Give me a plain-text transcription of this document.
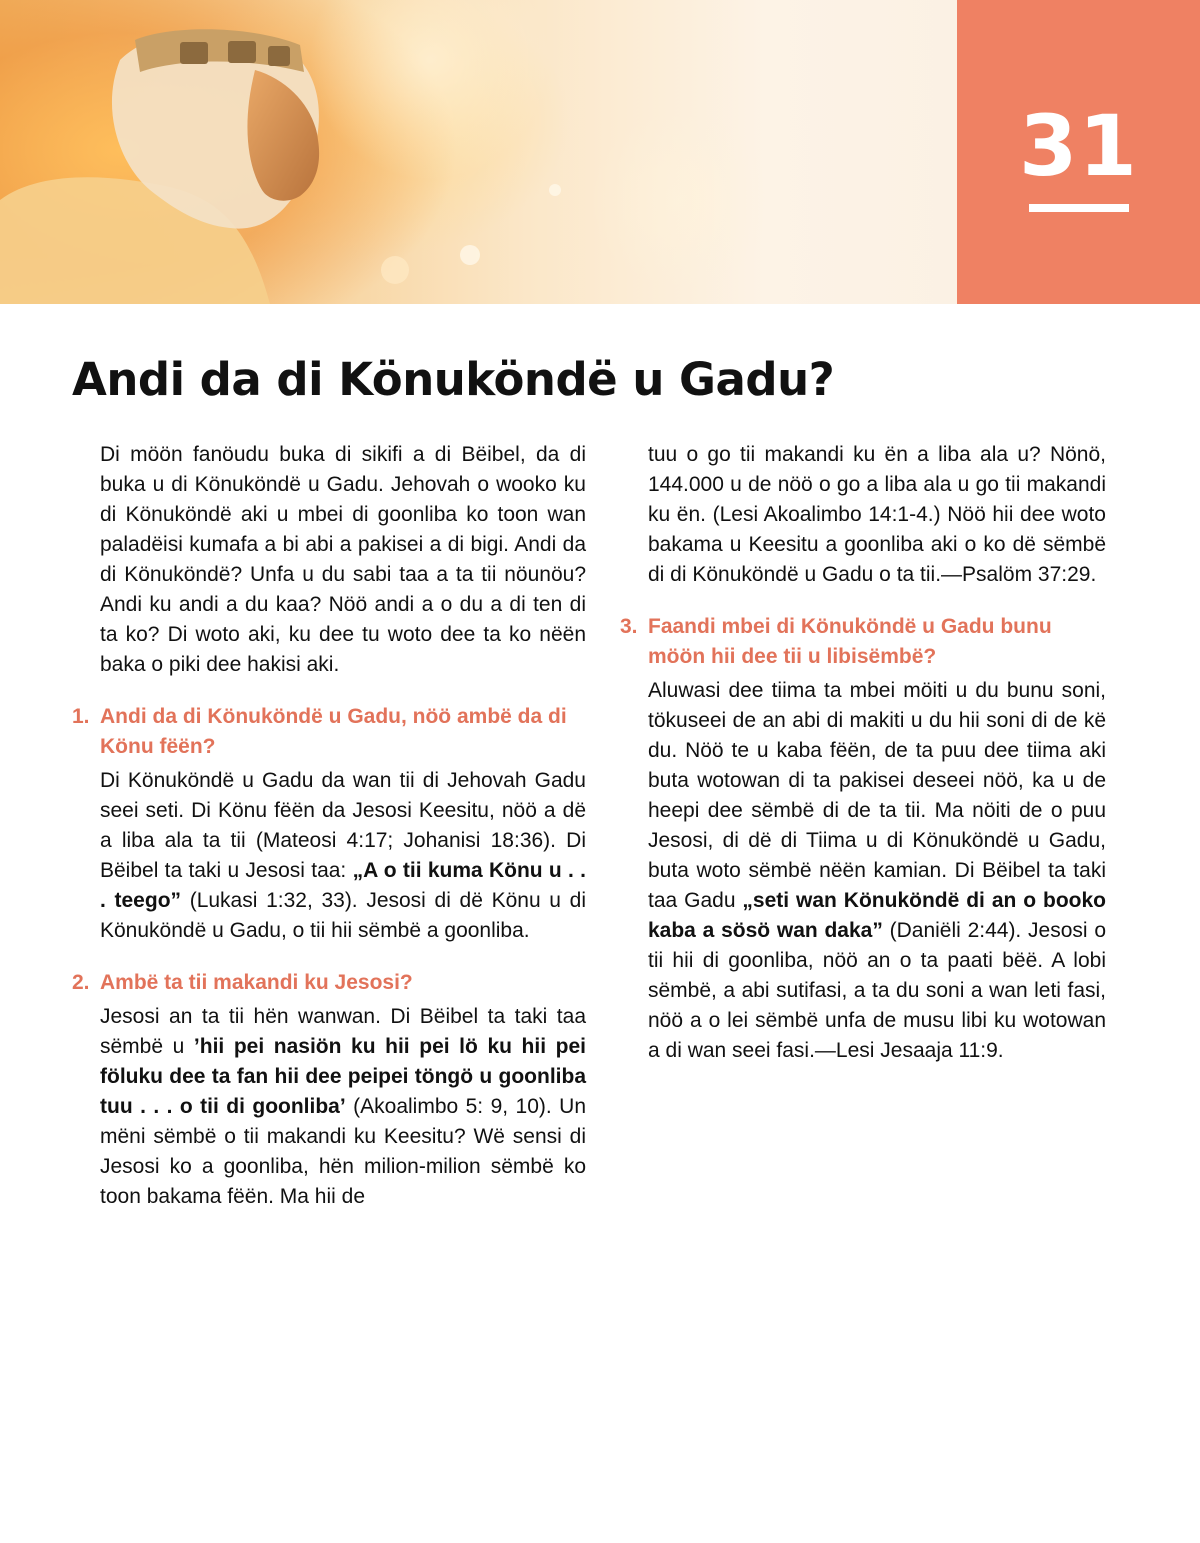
31
Andi da di Könuköndë u Gadu?

Di möön fanöudu buka di sikifi a di Bëibel, da di buka u di Könuköndë u Gadu. Jehovah o wooko ku di Könuköndë aki u mbei di goonliba ko toon wan paladëisi kumafa a bi abi a pakisei a di bigi. Andi da di Könuköndë? Unfa u du sabi taa a ta tii nöunöu? Andi ku andi a du kaa? Nöö andi a o du a di ten di ta ko? Di woto aki, ku dee tu woto dee ta ko nëën baka o piki dee hakisi aki.

1. Andi da di Könuköndë u Gadu, nöö ambë da di Könu fëën?

Di Könuköndë u Gadu da wan tii di Jehovah Gadu seei seti. Di Könu fëën da Jesosi Keesitu, nöö a dë a liba ala ta tii (Mateosi 4:17; Johanisi 18:36). Di Bëibel ta taki u Jesosi taa: „A o tii kuma Könu u . . . teego” (Lukasi 1:32, 33). Jesosi di dë Könu u di Könuköndë u Gadu, o tii hii sëmbë a goonliba.

2. Ambë ta tii makandi ku Jesosi?

Jesosi an ta tii hën wanwan. Di Bëibel ta taki taa sëmbë u ’hii pei nasiön ku hii pei lö ku hii pei föluku dee ta fan hii dee peipei töngö u goonliba tuu . . . o tii di goonliba’ (Akoalimbo 5: 9, 10). Un mëni sëmbë o tii makandi ku Keesitu? Wë sensi di Jesosi ko a goonliba, hën milion-milion sëmbë ko toon bakama fëën. Ma hii de

tuu o go tii makandi ku ën a liba ala u? Nönö, 144.000 u de nöö o go a liba ala u go tii makandi ku ën. (Lesi Akoalimbo 14:1-4.) Nöö hii dee woto bakama u Keesitu a goonliba aki o ko dë sëmbë di di Könuköndë u Gadu o ta tii.—Psalöm 37:29.

3. Faandi mbei di Könuköndë u Gadu bunu möön hii dee tii u libisëmbë?

Aluwasi dee tiima ta mbei möiti u du bunu soni, tökuseei de an abi di makiti u du hii soni di de kë du. Nöö te u kaba fëën, de ta puu dee tiima aki buta wotowan di ta pakisei deseei nöö, ka u de heepi dee sëmbë di de ta tii. Ma nöiti de o puu Jesosi, di dë di Tiima u di Könuköndë u Gadu, buta woto sëmbë nëën kamian. Di Bëibel ta taki taa Gadu „seti wan Könuköndë di an o booko kaba a sösö wan daka” (Daniëli 2:44). Jesosi o tii hii di goonliba, nöö an o ta paati bëë. A lobi sëmbë, a abi sutifasi, a ta du soni a wan leti fasi, nöö a o lei sëmbë unfa de musu libi ku wotowan a di wan seei fasi.—Lesi Jesaaja 11:9.
